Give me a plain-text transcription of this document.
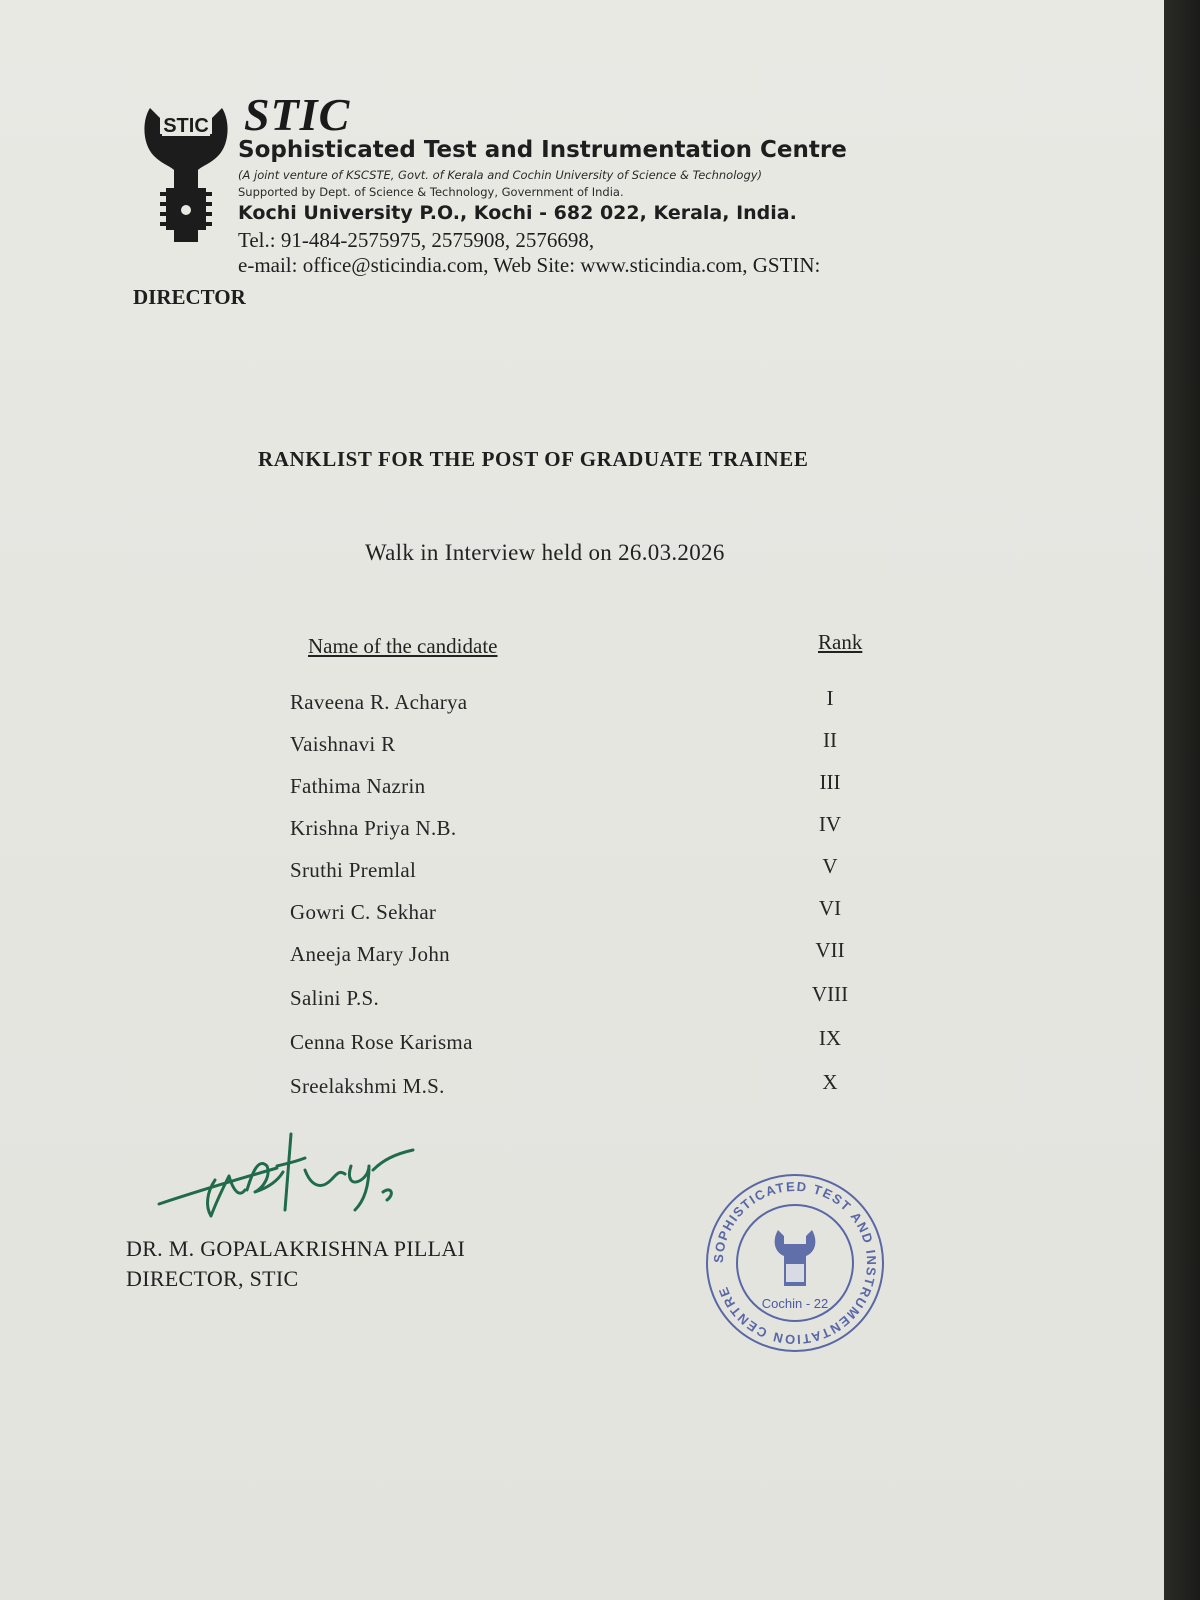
STIC STIC
Sophisticated Test and Instrumentation Centre
(A joint venture of KSCSTE, Govt. of Kerala and Cochin University of Science & Technology)
Supported by Dept. of Science & Technology, Government of India.
Kochi University P.O., Kochi - 682 022, Kerala, India.
Tel.: 91-484-2575975, 2575908, 2576698,
e-mail: office@sticindia.com, Web Site: www.sticindia.com, GSTIN:
DIRECTOR
RANKLIST FOR THE POST OF GRADUATE TRAINEE
Walk in Interview held on 26.03.2026
Name of the candidate	Rank
Raveena R. Acharya	I
Vaishnavi R	II
Fathima Nazrin	III
Krishna Priya N.B.	IV
Sruthi Premlal	V
Gowri C. Sekhar	VI
Aneeja Mary John	VII
Salini P.S.	VIII
Cenna Rose Karisma	IX
Sreelakshmi M.S.	X
DR. M. GOPALAKRISHNA PILLAI
DIRECTOR, STIC
SOPHISTICATED TEST AND INSTRUMENTATION CENTRE
Cochin - 22
